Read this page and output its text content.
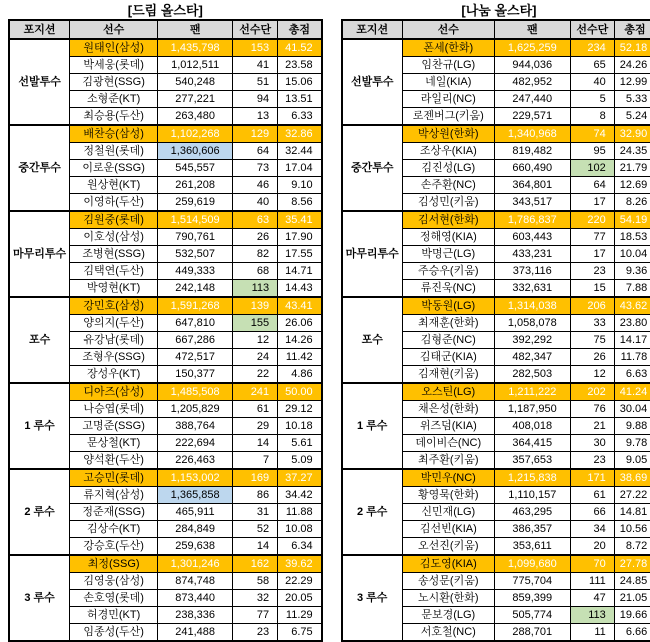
[드림 올스타]
포지션	선수	팬	선수단	총점
선발투수	원태인(삼성)	1,435,798	153	41.52
	박세웅(롯데)	1,012,511	41	23.58
	김광현(SSG)	540,248	51	15.06
	소형준(KT)	277,221	94	13.51
	최승용(두산)	263,480	13	6.33
중간투수	배찬승(삼성)	1,102,268	129	32.86
	정철원(롯데)	1,360,606	64	32.44
	이로운(SSG)	545,557	73	17.04
	원상현(KT)	261,208	46	9.10
	이영하(두산)	259,619	40	8.56
마무리투수	김원중(롯데)	1,514,509	63	35.41
	이호성(삼성)	790,761	26	17.90
	조병현(SSG)	532,507	82	17.55
	김택연(두산)	449,333	68	14.71
	박영현(KT)	242,148	113	14.43
포수	강민호(삼성)	1,591,268	139	43.41
	양의지(두산)	647,810	155	26.06
	유강남(롯데)	667,286	12	14.26
	조형우(SSG)	472,517	24	11.42
	장성우(KT)	150,377	22	4.86
1 루수	디아즈(삼성)	1,485,508	241	50.00
	나승엽(롯데)	1,205,829	61	29.12
	고명준(SSG)	388,764	29	10.18
	문상철(KT)	222,694	14	5.61
	양석환(두산)	226,463	7	5.09
2 루수	고승민(롯데)	1,153,002	169	37.27
	류지혁(삼성)	1,365,858	86	34.42
	정준재(SSG)	465,911	31	11.88
	김상수(KT)	284,849	52	10.08
	강승호(두산)	259,638	14	6.34
3 루수	최정(SSG)	1,301,246	162	39.62
	김영웅(삼성)	874,748	58	22.29
	손호영(롯데)	873,440	32	20.05
	허경민(KT)	238,336	77	11.29
	임종성(두산)	241,488	23	6.75
[나눔 올스타]
포지션	선수	팬	선수단	총점
선발투수	폰세(한화)	1,625,259	234	52.18
	임찬규(LG)	944,036	65	24.26
	네일(KIA)	482,952	40	12.99
	라일리(NC)	247,440	5	5.33
	로젠버그(키움)	229,571	8	5.24
중간투수	박상원(한화)	1,340,968	74	32.90
	조상우(KIA)	819,482	95	24.35
	김진성(LG)	660,490	102	21.79
	손주환(NC)	364,801	64	12.69
	김성민(키움)	343,517	17	8.26
마무리투수	김서현(한화)	1,786,837	220	54.19
	정해영(KIA)	603,443	77	18.53
	박명근(LG)	433,231	17	10.04
	주승우(키움)	373,116	23	9.36
	류진욱(NC)	332,631	15	7.88
포수	박동원(LG)	1,314,038	206	43.62
	최재훈(한화)	1,058,078	33	23.80
	김형준(NC)	392,292	75	14.17
	김태군(KIA)	482,347	26	11.78
	김재현(키움)	282,503	12	6.63
1 루수	오스틴(LG)	1,211,222	202	41.24
	채은성(한화)	1,187,950	76	30.04
	위즈덤(KIA)	408,018	21	9.88
	데이비슨(NC)	364,415	30	9.78
	최주환(키움)	357,653	23	9.05
2 루수	박민우(NC)	1,215,838	171	38.69
	황영묵(한화)	1,110,157	61	27.22
	신민재(LG)	463,295	66	14.81
	김선빈(KIA)	386,357	34	10.56
	오선진(키움)	353,611	20	8.72
3 루수	김도영(KIA)	1,099,680	70	27.78
	송성문(키움)	775,704	111	24.85
	노시환(한화)	859,399	47	21.05
	문보경(LG)	505,774	113	19.66
	서호철(NC)	288,701	11	6.66
